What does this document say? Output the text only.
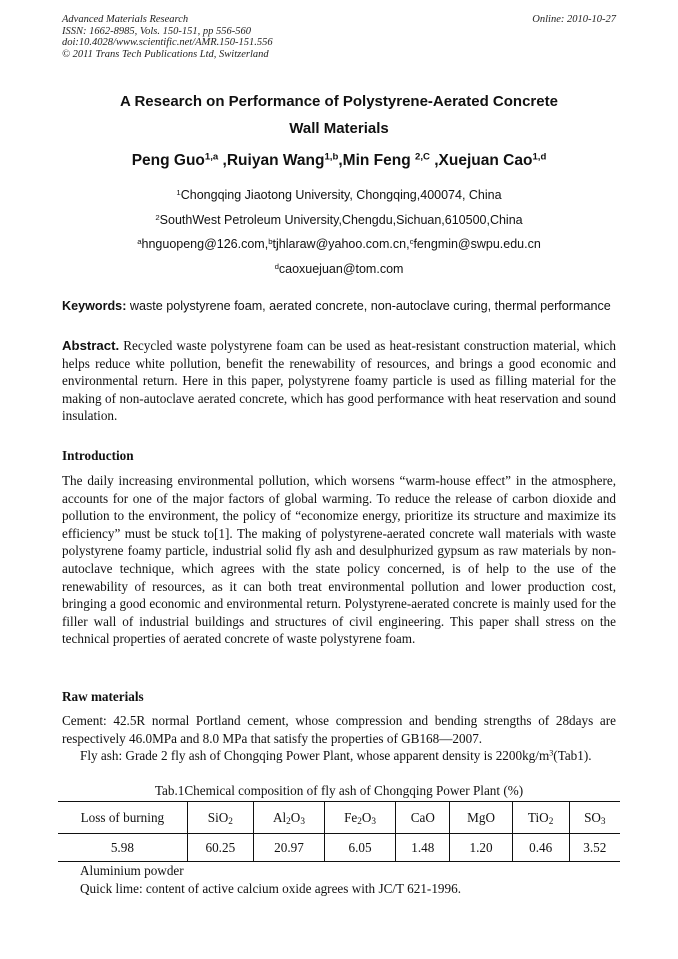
Advanced Materials Research
ISSN: 1662-8985, Vols. 150-151, pp 556-560
doi:10.4028/www.scientific.net/AMR.150-151.556
© 2011 Trans Tech Publications Ltd, Switzerland
Online: 2010-10-27
A Research on Performance of Polystyrene-Aerated Concrete
Wall Materials
Peng Guo$^{1,a}$ ,Ruiyan Wang$^{1,b}$,Min Feng $^{2,C}$ ,Xuejuan Cao$^{1,d}$
$^1$Chongqing Jiaotong University, Chongqing,400074, China
$^2$SouthWest Petroleum University,Chengdu,Sichuan,610500,China
$^a$hnguopeng@126.com,$^b$tjhlaraw@yahoo.com.cn,$^c$fengmin@swpu.edu.cn
$^d$caoxuejuan@tom.com
Keywords: waste polystyrene foam, aerated concrete, non-autoclave curing, thermal performance
Abstract. Recycled waste polystyrene foam can be used as heat-resistant construction material, which helps reduce white pollution, benefit the renewability of resources, and brings a good economic and environmental return. Here in this paper, polystyrene foamy particle is used as filling material for the making of non-autoclave aerated concrete, which has good performance with heat reservation and sound insulation.
Introduction
The daily increasing environmental pollution, which worsens “warm-house effect” in the atmosphere, accounts for one of the major factors of global warming. To reduce the release of carbon dioxide and pollution to the environment, the policy of “economize energy, prioritize its structure and maximize its efficiency” must be stuck to[1]. The making of polystyrene-aerated concrete wall materials with waste polystyrene foamy particle, industrial solid fly ash and desulphurized gypsum as raw materials by non-autoclave technique, which agrees with the state policy concerned, is of help to the use of the renewability of resources, as it can both treat environmental pollution and lower production cost, bringing a good economic and environmental return. Polystyrene-aerated concrete is mainly used for the filler wall of industrial buildings and structures of civil engineering. This paper shall stress on the technical properties of aerated concrete of waste polystyrene foam.
Raw materials
Cement: 42.5R normal Portland cement, whose compression and bending strengths of 28days are respectively 46.0MPa and 8.0 MPa that satisfy the properties of GB168—2007.
Fly ash: Grade 2 fly ash of Chongqing Power Plant, whose apparent density is $2200kg/m^3(Tab1)$.
Tab.1Chemical composition of fly ash of Chongqing Power Plant (%)
Loss of burning	SiO$_2$	$Al_2O_3$	$Fe_2O_3$	CaO	MgO	TiO$_2$	$SO_3$
5.98	60.25	20.97	6.05	1.48	1.20	0.46	3.52
Aluminium powder
Quick lime: content of active calcium oxide agrees with JC/T 621-1996.
